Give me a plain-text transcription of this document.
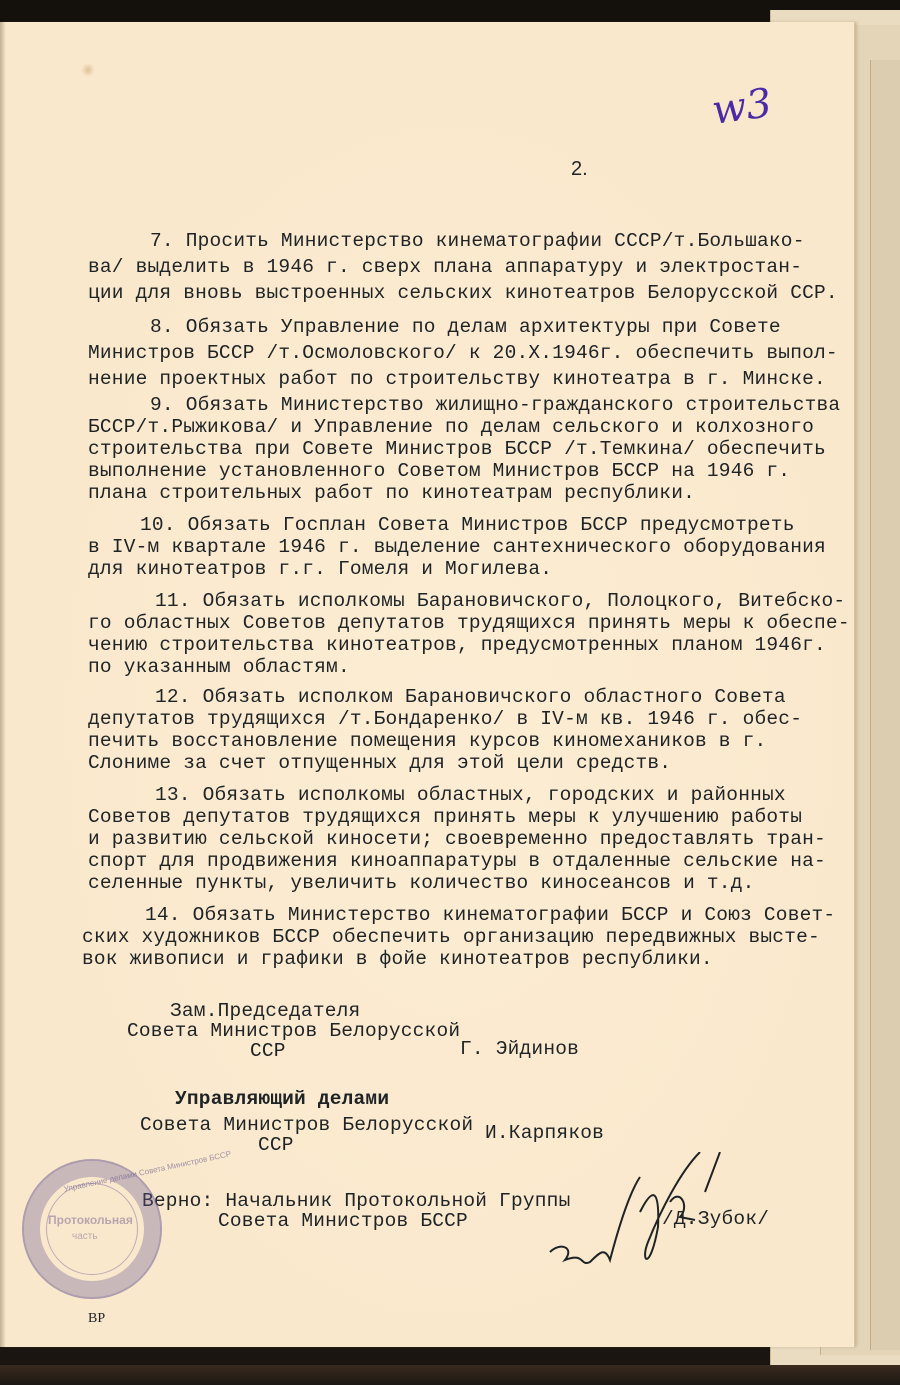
w3
2.
7. Просить Министерство кинематографии СССР/т.Большако-
ва/ выделить в 1946 г. сверх плана аппаратуру и электростан-
ции для вновь выстроенных сельских кинотеатров Белорусской ССР.
8. Обязать Управление по делам архитектуры при Совете
Министров БССР /т.Осмоловского/ к 20.X.1946г. обеспечить выпол-
нение проектных работ по строительству кинотеатра в г. Минске.
9. Обязать Министерство жилищно-гражданского строительства
БССР/т.Рыжикова/ и Управление по делам сельского и колхозного
строительства при Совете Министров БССР /т.Темкина/ обеспечить
выполнение установленного Советом Министров БССР на 1946 г.
плана строительных работ по кинотеатрам республики.
10. Обязать Госплан Совета Министров БССР предусмотреть
в IV-м квартале 1946 г. выделение сантехнического оборудования
для кинотеатров г.г. Гомеля и Могилева.
11. Обязать исполкомы Барановичского, Полоцкого, Витебско-
го областных Советов депутатов трудящихся принять меры к обеспе-
чению строительства кинотеатров, предусмотренных планом 1946г.
по указанным областям.
12. Обязать исполком Барановичского областного Совета
депутатов трудящихся /т.Бондаренко/ в IV-м кв. 1946 г. обес-
печить восстановление помещения курсов киномехаников в г.
Слониме за счет отпущенных для этой цели средств.
13. Обязать исполкомы областных, городских и районных
Советов депутатов трудящихся принять меры к улучшению работы
и развитию сельской киносети; своевременно предоставлять тран-
спорт для продвижения киноаппаратуры в отдаленные сельские на-
селенные пункты, увеличить количество киносеансов и т.д.
14. Обязать Министерство кинематографии БССР и Союз Совет-
ских художников БССР обеспечить организацию передвижных высте-
вок живописи и графики в фойе кинотеатров республики.
Зам.Председателя
Совета Министров Белорусской
ССР	Г. Эйдинов
Управляющий делами
Совета Министров Белорусской
ССР
И.Карпяков
Верно: Начальник Протокольной Группы
Совета Министров БССР	/Д.Зубок/
Управление делами Совета Министров БССР
Протокольная
часть
ВР
